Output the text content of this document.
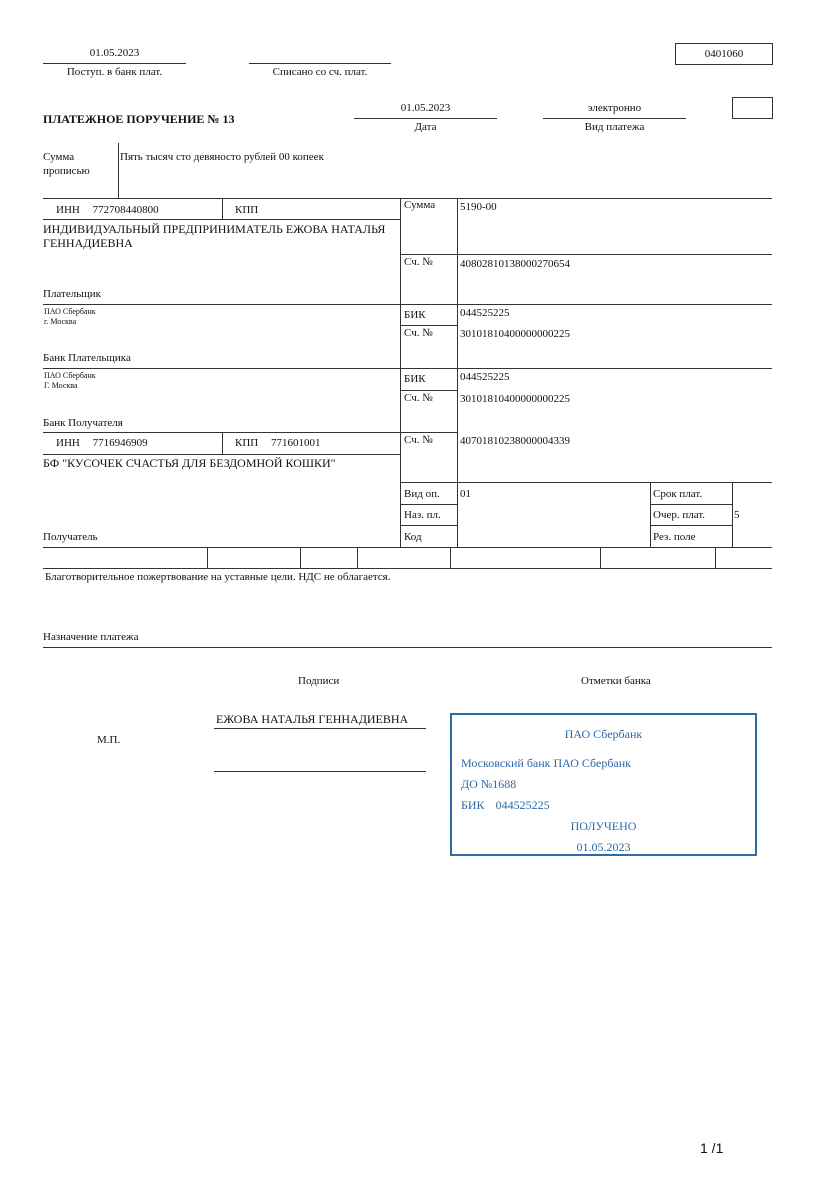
01.05.2023
Поступ. в банк плат.	Списано со сч. плат.
0401060
ПЛАТЕЖНОЕ ПОРУЧЕНИЕ № 13
01.05.2023
Дата
электронно
Вид платежа
Сумма
прописью
Пять тысяч сто девяносто рублей 00 копеек
ИНН 772708440800	КПП
ИНДИВИДУАЛЬНЫЙ ПРЕДПРИНИМАТЕЛЬ ЕЖОВА НАТАЛЬЯ
ГЕННАДИЕВНА
Плательщик
Сумма 5190-00
Сч. № 40802810138000270654
ПАО Сбербанк
г. Москва
Банк Плательщика
БИК	044525225
Сч. № 30101810400000000225
ПАО Сбербанк
Г. Москва
Банк Получателя
БИК	044525225
Сч. № 30101810400000000225
ИНН 7716946909	КПП 771601001	Сч. № 40701810238000004339
БФ "КУСОЧЕК СЧАСТЬЯ ДЛЯ БЕЗДОМНОЙ КОШКИ"
Получатель
Вид оп. 01
Наз. пл.
Код
Срок плат.
Очер. плат.	5
Рез. поле
Благотворительное пожертвование на уставные цели. НДС не облагается.
Назначение платежа
Подписи	Отметки банка
М.П.
ЕЖОВА НАТАЛЬЯ ГЕННАДИЕВНА
ПАО Сбербанк
Московский банк ПАО Сбербанк
ДО №1688
БИК 044525225
ПОЛУЧЕНО
01.05.2023
1 /1
